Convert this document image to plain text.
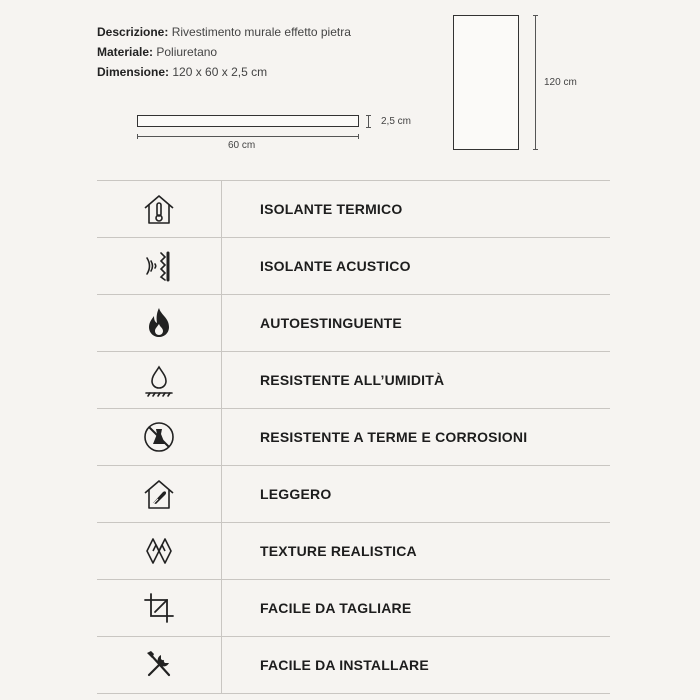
Descrizione: Rivestimento murale effetto pietra
Materiale: Poliuretano
Dimensione: 120 x 60 x 2,5 cm
60 cm
2,5 cm
120 cm
ISOLANTE TERMICO
ISOLANTE ACUSTICO
AUTOESTINGUENTE
RESISTENTE ALL’UMIDITÀ
RESISTENTE A TERME E CORROSIONI
LEGGERO
TEXTURE REALISTICA
FACILE DA TAGLIARE
FACILE DA INSTALLARE
